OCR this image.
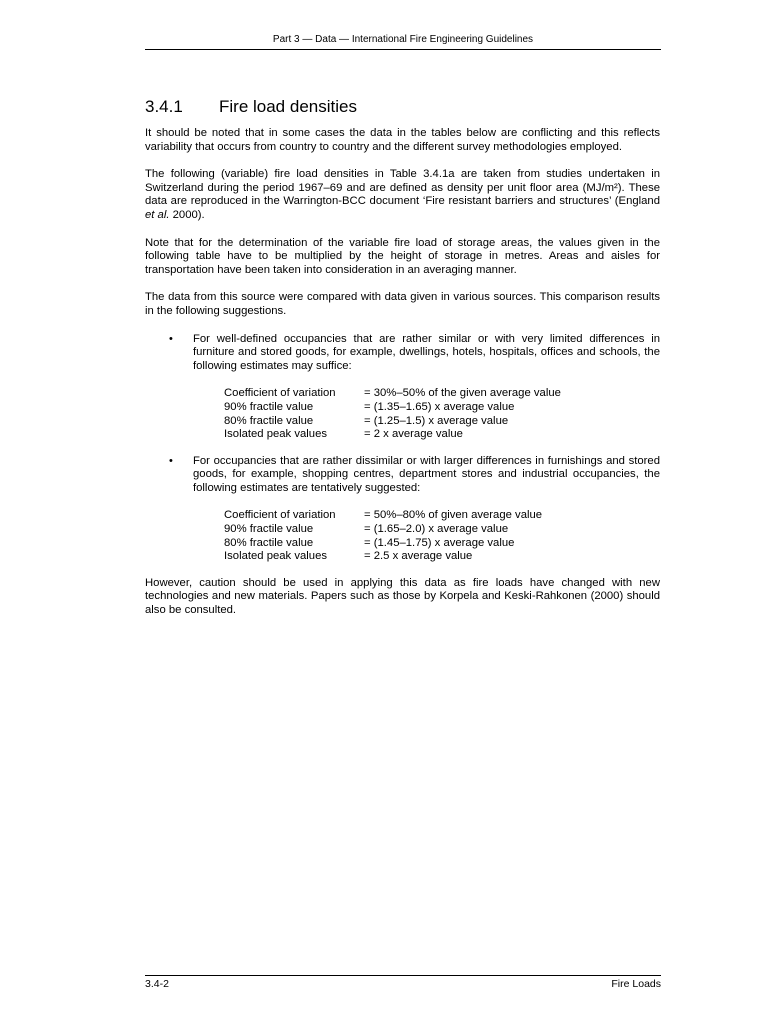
Part 3 — Data — International Fire Engineering Guidelines
3.4.1 Fire load densities

It should be noted that in some cases the data in the tables below are conflicting and this reflects variability that occurs from country to country and the different survey methodologies employed.

The following (variable) fire load densities in Table 3.4.1a are taken from studies undertaken in Switzerland during the period 1967–69 and are defined as density per unit floor area (MJ/m²). These data are reproduced in the Warrington-BCC document ‘Fire resistant barriers and structures’ (England et al. 2000).

Note that for the determination of the variable fire load of storage areas, the values given in the following table have to be multiplied by the height of storage in metres. Areas and aisles for transportation have been taken into consideration in an averaging manner.

The data from this source were compared with data given in various sources. This comparison results in the following suggestions.

• For well-defined occupancies that are rather similar or with very limited differences in furniture and stored goods, for example, dwellings, hotels, hospitals, offices and schools, the following estimates may suffice:
Coefficient of variation	= 30%–50% of the given average value
90% fractile value	= (1.35–1.65) x average value
80% fractile value	= (1.25–1.5) x average value
Isolated peak values	= 2 x average value
• For occupancies that are rather dissimilar or with larger differences in furnishings and stored goods, for example, shopping centres, department stores and industrial occupancies, the following estimates are tentatively suggested:
Coefficient of variation	= 50%–80% of given average value
90% fractile value	= (1.65–2.0) x average value
80% fractile value	= (1.45–1.75) x average value
Isolated peak values	= 2.5 x average value

However, caution should be used in applying this data as fire loads have changed with new technologies and new materials. Papers such as those by Korpela and Keski-Rahkonen (2000) should also be consulted.

3.4-2	Fire Loads
